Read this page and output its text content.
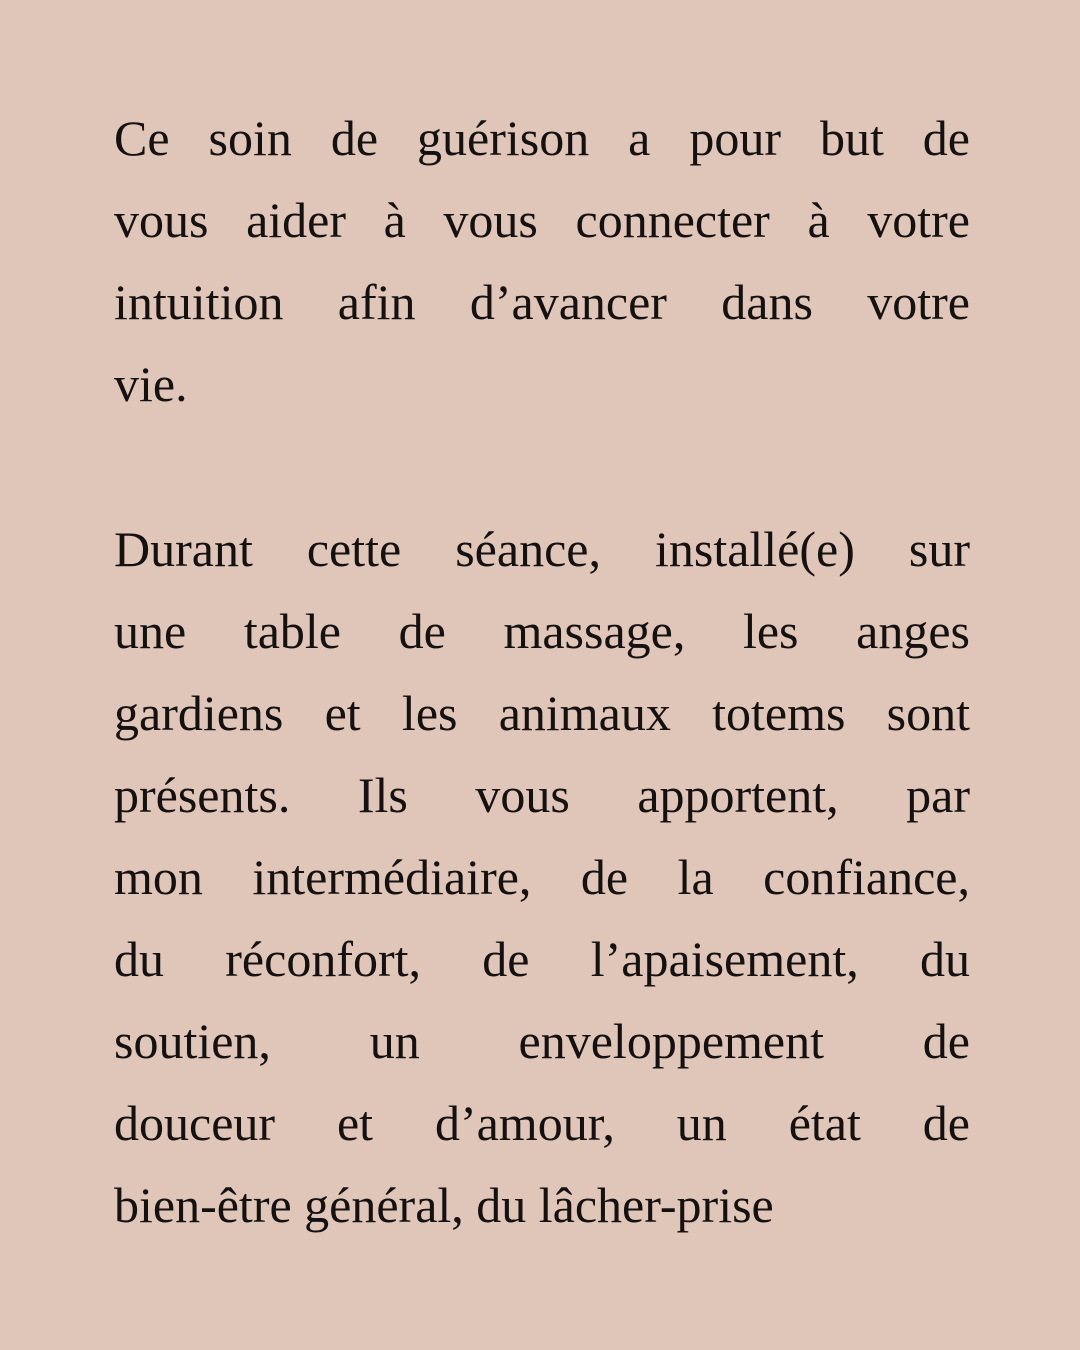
Ce soin de guérison a pour but de
vous aider à vous connecter à votre
intuition afin d’avancer dans votre
vie.
Durant cette séance, installé(e) sur
une table de massage, les anges
gardiens et les animaux totems sont
présents. Ils vous apportent, par
mon intermédiaire, de la confiance,
du réconfort, de l’apaisement, du
soutien, un enveloppement de
douceur et d’amour, un état de
bien-être général, du lâcher-prise
